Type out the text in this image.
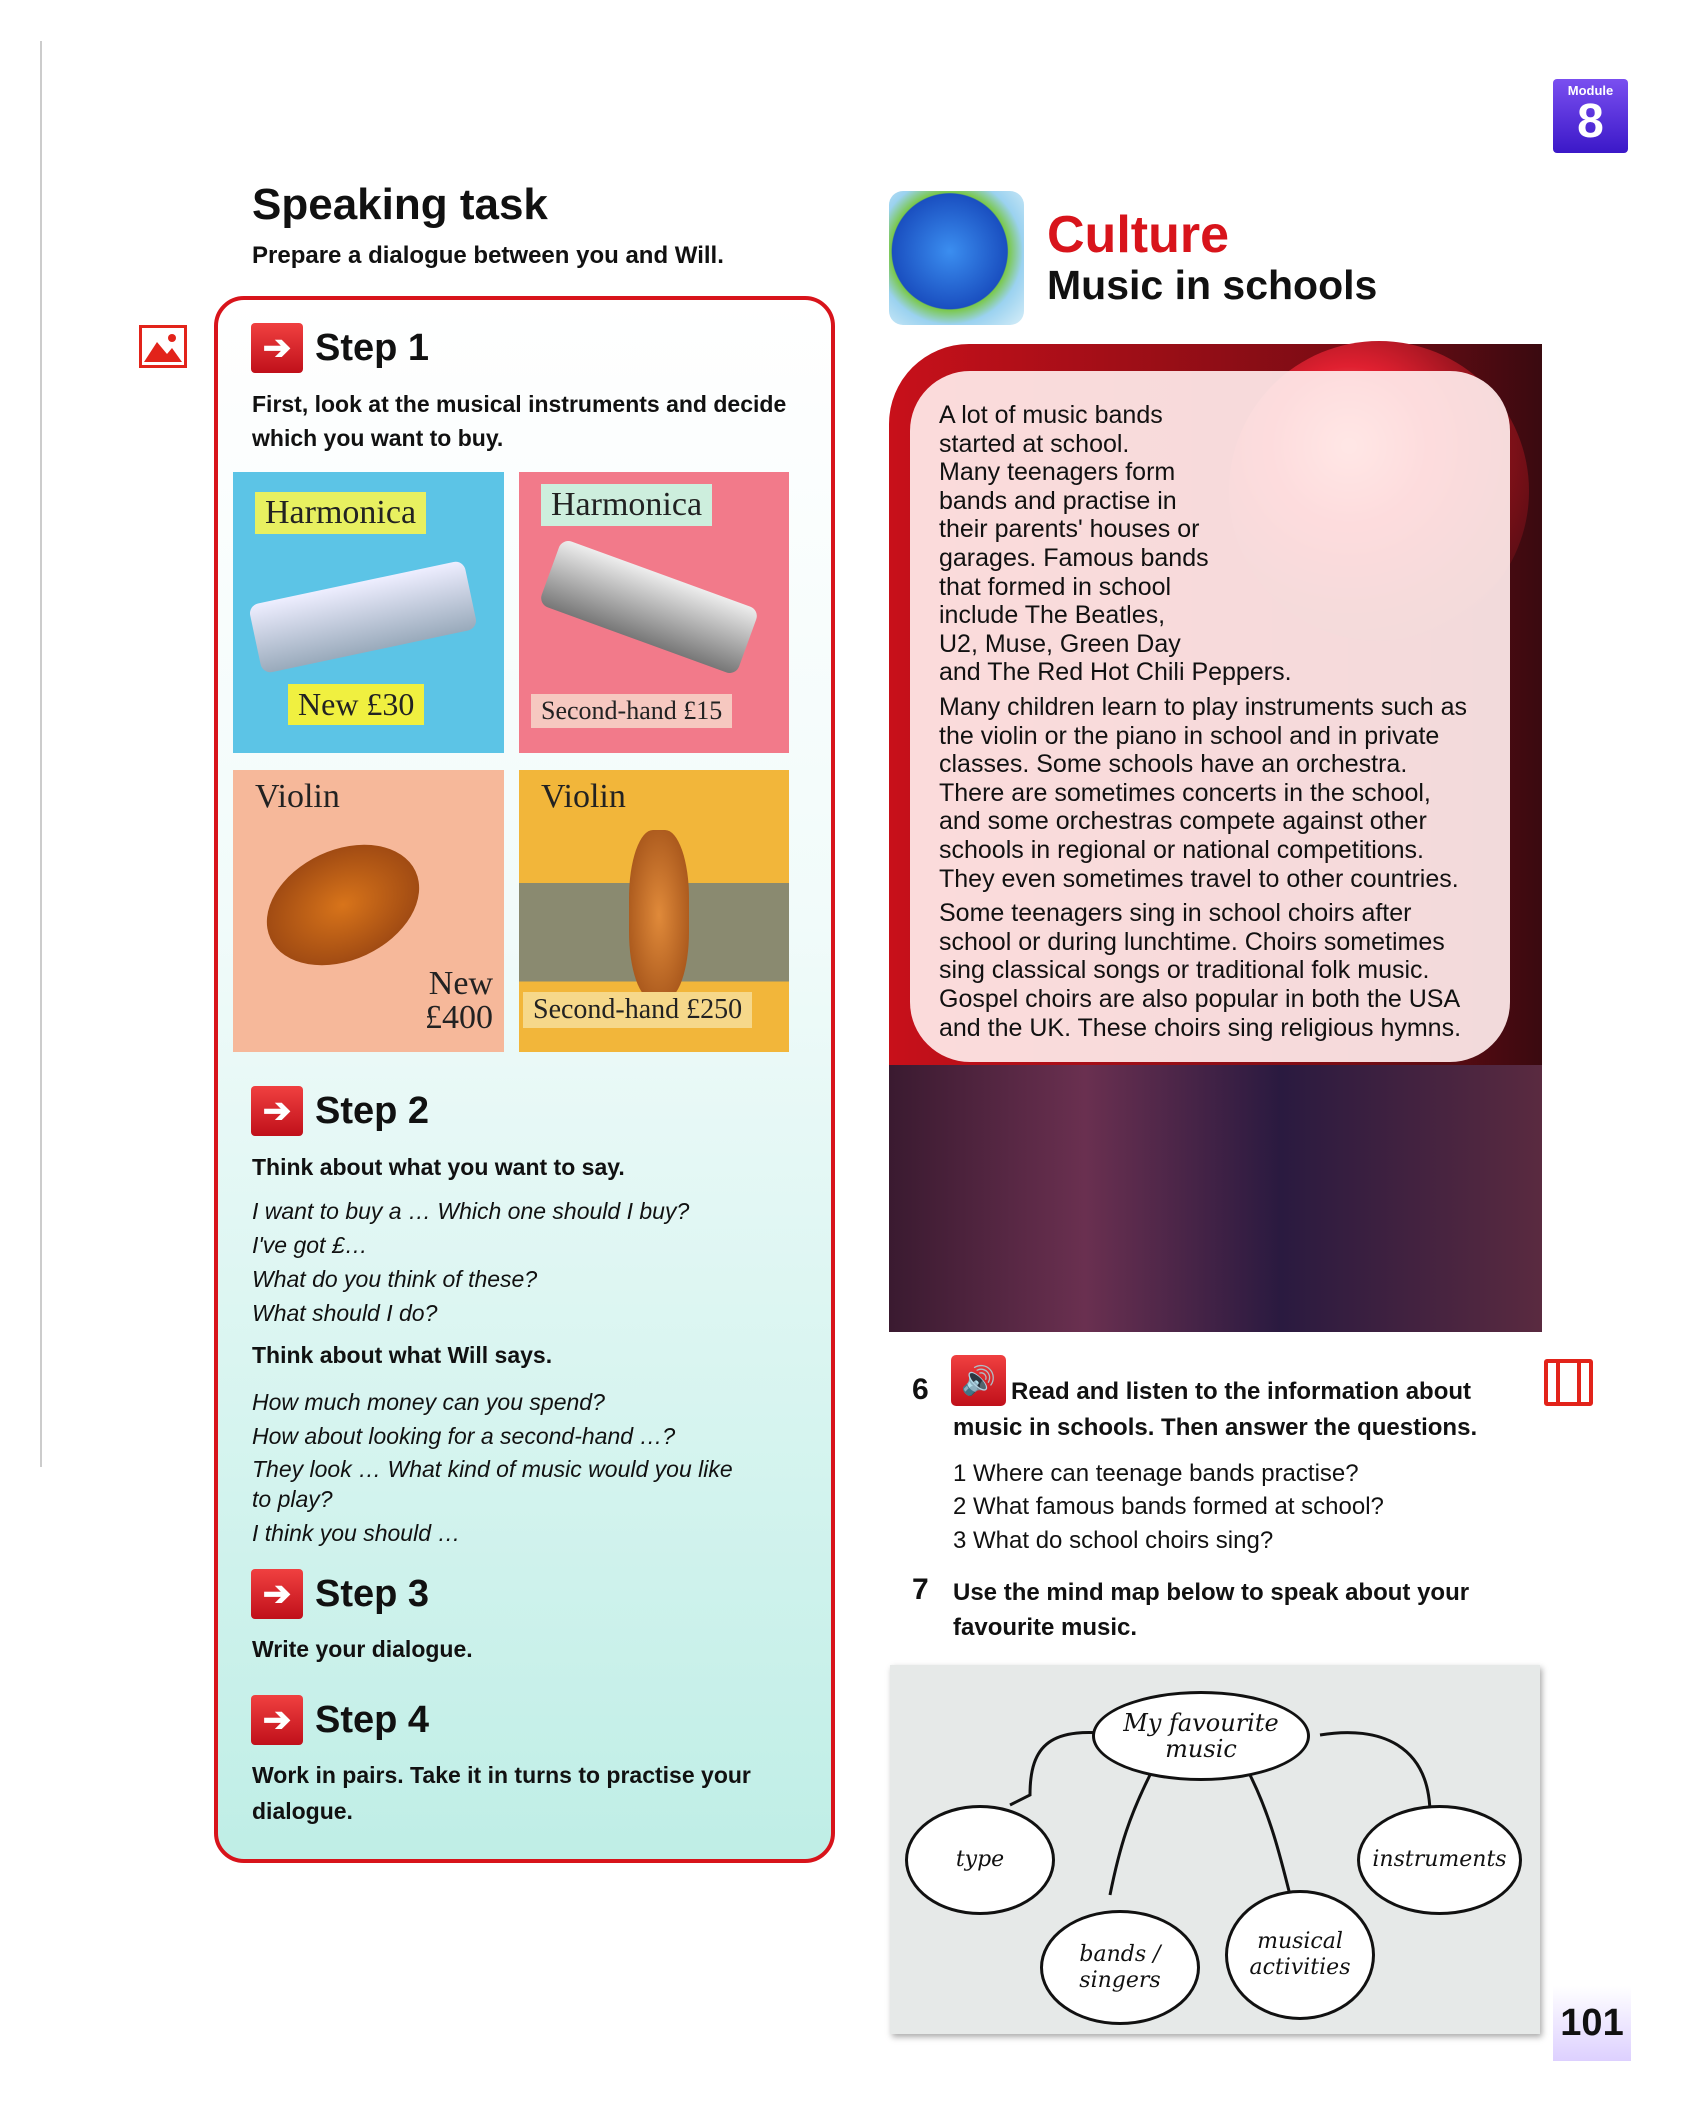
Module
8
Speaking task
Prepare a dialogue between you and Will.
➔ Step 1
First, look at the musical instruments and decide
which you want to buy.
Harmonica
New £30
Harmonica
Second-hand £15
Violin
New £400
Violin
Second-hand £250
➔ Step 2
Think about what you want to say.
I want to buy a … Which one should I buy?
I've got £…
What do you think of these?
What should I do?
Think about what Will says.
How much money can you spend?
How about looking for a second-hand …?
They look … What kind of music would you like
to play?
I think you should …
➔ Step 3
Write your dialogue.
➔ Step 4
Work in pairs. Take it in turns to practise your
dialogue.
Culture
Music in schools
A lot of music bands
started at school.
Many teenagers form
bands and practise in
their parents' houses or
garages. Famous bands
that formed in school
include The Beatles,
U2, Muse, Green Day
and The Red Hot Chili Peppers.
Many children learn to play instruments such as
the violin or the piano in school and in private
classes. Some schools have an orchestra.
There are sometimes concerts in the school,
and some orchestras compete against other
schools in regional or national competitions.
They even sometimes travel to other countries.
Some teenagers sing in school choirs after
school or during lunchtime. Choirs sometimes
sing classical songs or traditional folk music.
Gospel choirs are also popular in both the USA
and the UK. These choirs sing religious hymns.
6	🔊 Read and listen to the information about
music in schools. Then answer the questions.
1 Where can teenage bands practise?
2 What famous bands formed at school?
3 What do school choirs sing?
7 Use the mind map below to speak about your
favourite music.
My favourite music
type
bands / singers
musical activities
instruments
101
